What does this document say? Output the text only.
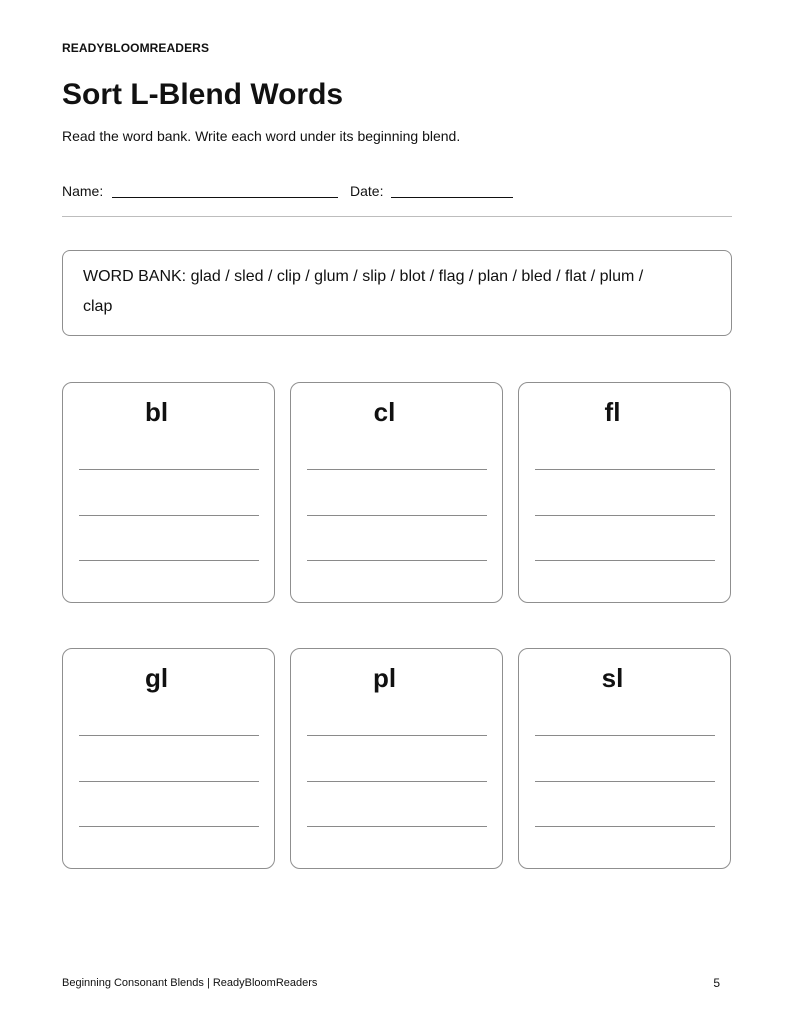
READYBLOOMREADERS
Sort L-Blend Words
Read the word bank. Write each word under its beginning blend.
Name:	Date:
WORD BANK: glad / sled / clip / glum / slip / blot / flag / plan / bled / flat / plum / clap
bl	cl	fl
gl	pl	sl
Beginning Consonant Blends | ReadyBloomReaders	5
